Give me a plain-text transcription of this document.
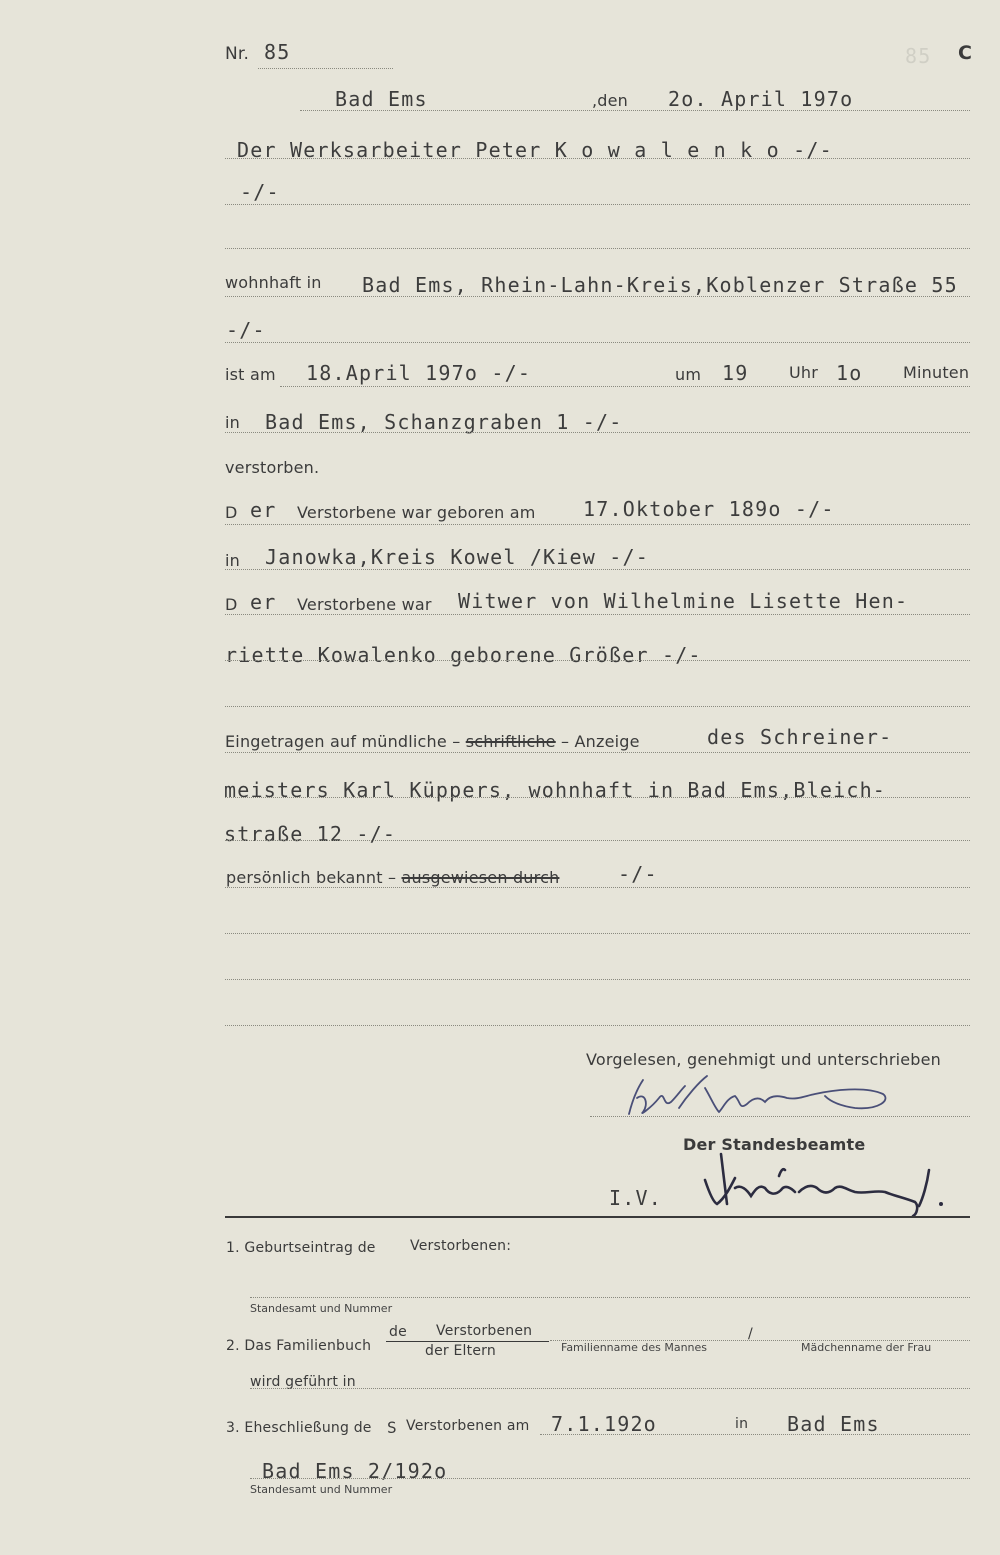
85
Nr. 85	C
Bad Ems	,den 2o. April 197o
Der Werksarbeiter Peter K o w a l e n k o -/-
-/-
wohnhaft in Bad Ems, Rhein-Lahn-Kreis,Koblenzer Straße 55
-/-
ist am 18.April 197o -/-	um 19	Uhr 1o	Minuten
in Bad Ems, Schanzgraben 1 -/-
verstorben.
D er Verstorbene war geboren am 17.Oktober 189o -/-
in Janowka,Kreis Kowel /Kiew -/-
D er Verstorbene war Witwer von Wilhelmine Lisette Hen-
riette Kowalenko geborene Größer -/-
Eingetragen auf mündliche – schriftliche – Anzeige	des Schreiner-
meisters Karl Küppers, wohnhaft in Bad Ems,Bleich-
straße 12 -/-
persönlich bekannt – ausgewiesen durch	-/-
Vorgelesen, genehmigt und unterschrieben
Der Standesbeamte
I.V.
1. Geburtseintrag de Verstorbenen:
Standesamt und Nummer
2. Das Familienbuch
de Verstorbenen
der Eltern	Familienname des Mannes
/
Mädchenname der Frau
wird geführt in
3. Eheschließung de S Verstorbenen am 7.1.192o	in Bad Ems
Bad Ems 2/192o
Standesamt und Nummer
